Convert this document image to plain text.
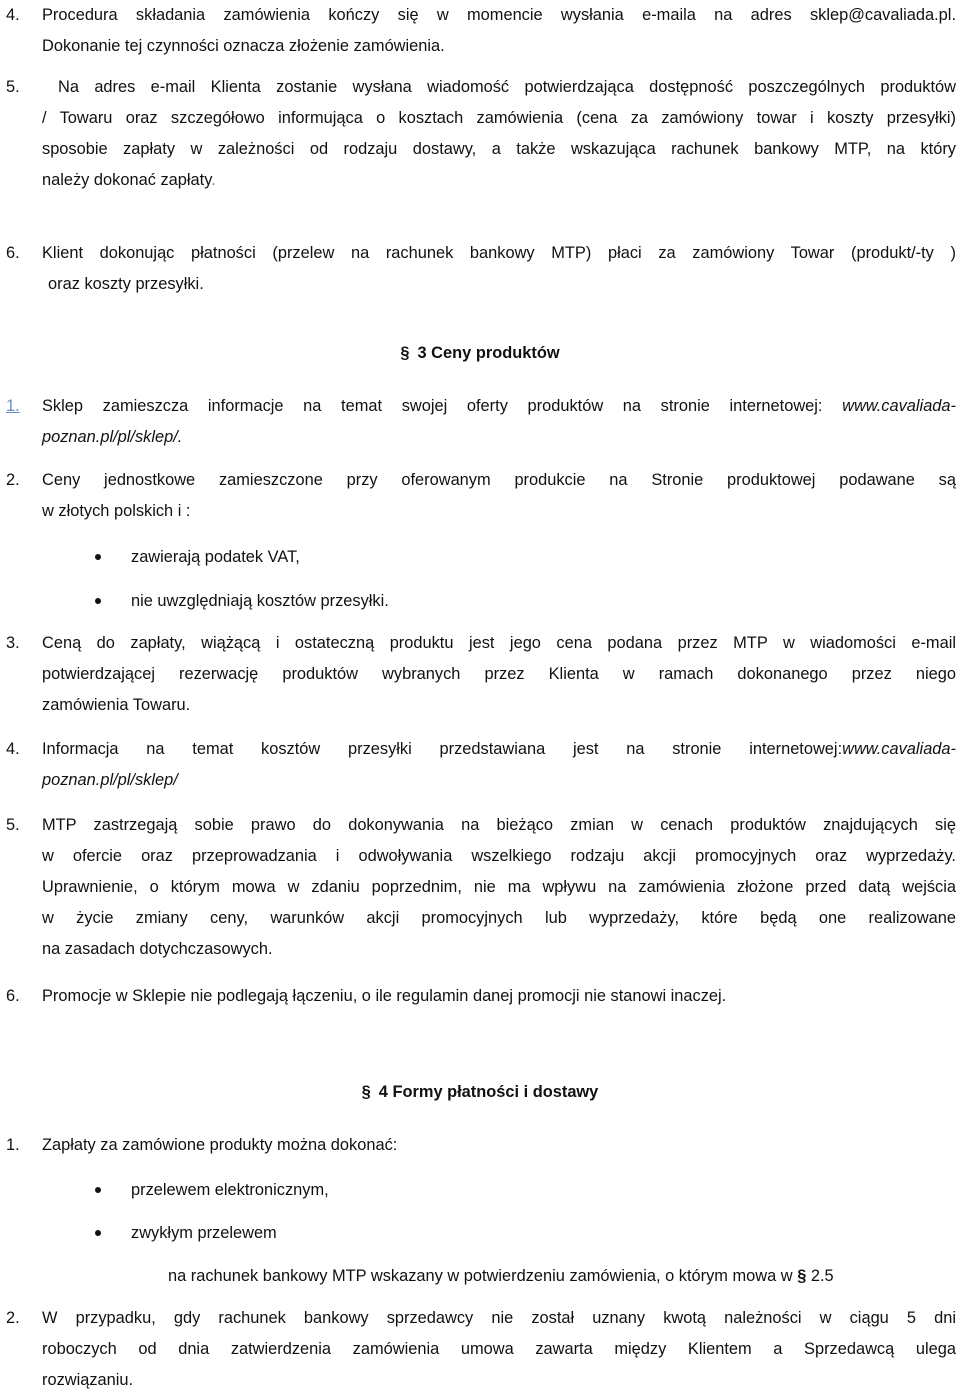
4. Procedura składania zamówienia kończy się w momencie wysłania e-maila na adres sklep@cavaliada.pl.
Dokonanie tej czynności oznacza złożenie zamówienia.
5. Na adres e-mail Klienta zostanie wysłana wiadomość potwierdzająca dostępność poszczególnych produktów
/ Towaru oraz szczegółowo informująca o kosztach zamówienia (cena za zamówiony towar i koszty przesyłki)
sposobie zapłaty w zależności od rodzaju dostawy, a także wskazująca rachunek bankowy MTP, na który
należy dokonać zapłaty.
6. Klient dokonując płatności (przelew na rachunek bankowy MTP) płaci za zamówiony Towar (produkt/-ty )
oraz koszty przesyłki.
§ 3 Ceny produktów
1. Sklep zamieszcza informacje na temat swojej oferty produktów na stronie internetowej: www.cavaliada-
poznan.pl/pl/sklep/.
2. Ceny jednostkowe zamieszczone przy oferowanym produkcie na Stronie produktowej podawane są
w złotych polskich i :
zawierają podatek VAT,
nie uwzględniają kosztów przesyłki.
3. Ceną do zapłaty, wiążącą i ostateczną produktu jest jego cena podana przez MTP w wiadomości e-mail
potwierdzającej rezerwację produktów wybranych przez Klienta w ramach dokonanego przez niego
zamówienia Towaru.
4. Informacja na temat kosztów przesyłki przedstawiana jest na stronie internetowej:www.cavaliada-
poznan.pl/pl/sklep/
5. MTP zastrzegają sobie prawo do dokonywania na bieżąco zmian w cenach produktów znajdujących się
w ofercie oraz przeprowadzania i odwoływania wszelkiego rodzaju akcji promocyjnych oraz wyprzedaży.
Uprawnienie, o którym mowa w zdaniu poprzednim, nie ma wpływu na zamówienia złożone przed datą wejścia
w życie zmiany ceny, warunków akcji promocyjnych lub wyprzedaży, które będą one realizowane
na zasadach dotychczasowych.
6. Promocje w Sklepie nie podlegają łączeniu, o ile regulamin danej promocji nie stanowi inaczej.
§ 4 Formy płatności i dostawy
1. Zapłaty za zamówione produkty można dokonać:
przelewem elektronicznym,
zwykłym przelewem
na rachunek bankowy MTP wskazany w potwierdzeniu zamówienia, o którym mowa w § 2.5
2. W przypadku, gdy rachunek bankowy sprzedawcy nie został uznany kwotą należności w ciągu 5 dni
roboczych od dnia zatwierdzenia zamówienia umowa zawarta między Klientem a Sprzedawcą ulega
rozwiązaniu.
